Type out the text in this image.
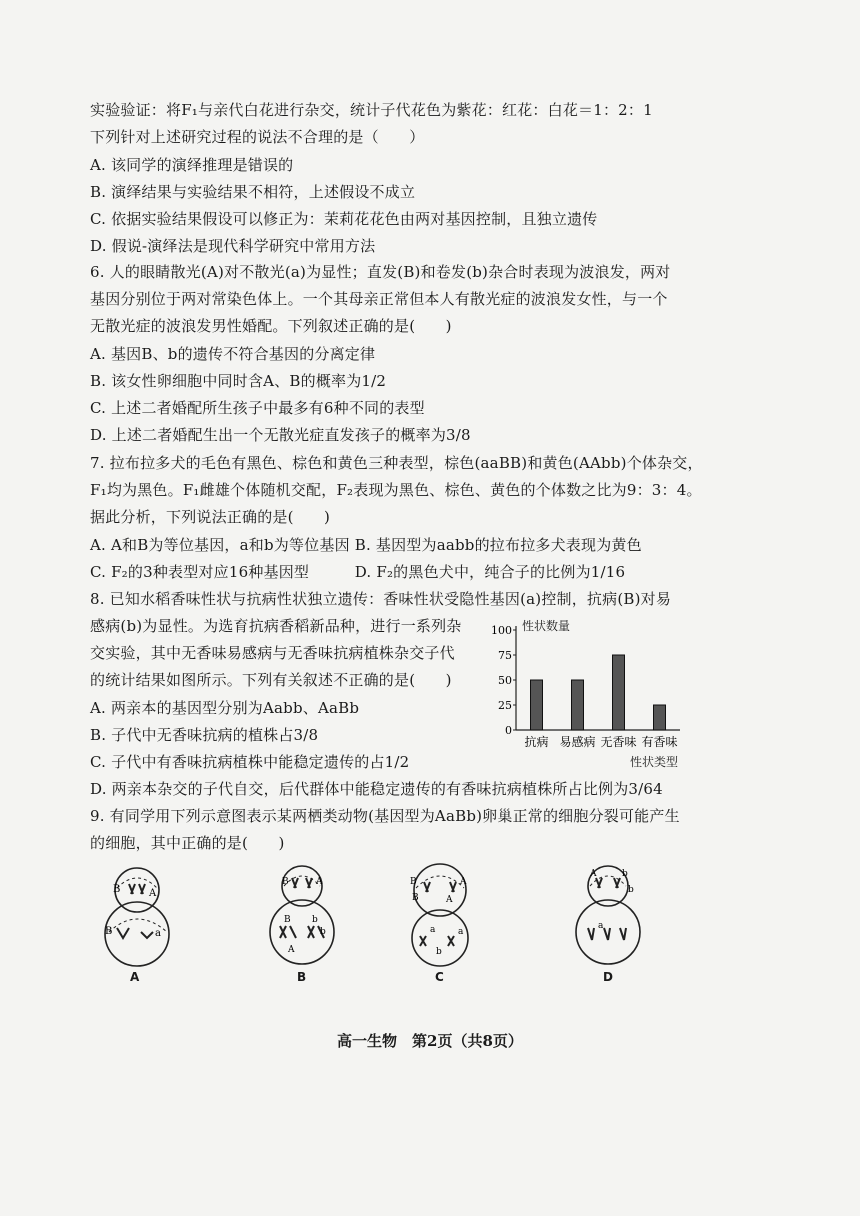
实验验证：将F₁与亲代白花进行杂交，统计子代花色为紫花：红花：白花＝1：2：1
下列针对上述研究过程的说法不合理的是（　　）
A. 该同学的演绎推理是错误的
B. 演绎结果与实验结果不相符，上述假设不成立
C. 依据实验结果假设可以修正为：茉莉花花色由两对基因控制，且独立遗传
D. 假说-演绎法是现代科学研究中常用方法
6. 人的眼睛散光(A)对不散光(a)为显性；直发(B)和卷发(b)杂合时表现为波浪发，两对
基因分别位于两对常染色体上。一个其母亲正常但本人有散光症的波浪发女性，与一个
无散光症的波浪发男性婚配。下列叙述正确的是(　　)
A. 基因B、b的遗传不符合基因的分离定律
B. 该女性卵细胞中同时含A、B的概率为1/2
C. 上述二者婚配所生孩子中最多有6种不同的表型
D. 上述二者婚配生出一个无散光症直发孩子的概率为3/8
7. 拉布拉多犬的毛色有黑色、棕色和黄色三种表型，棕色(aaBB)和黄色(AAbb)个体杂交，
F₁均为黑色。F₁雌雄个体随机交配，F₂表现为黑色、棕色、黄色的个体数之比为9：3：4。
据此分析，下列说法正确的是(　　)
A. A和B为等位基因，a和b为等位基因 B. 基因型为aabb的拉布拉多犬表现为黄色
C. F₂的3种表型对应16种基因型　　　D. F₂的黑色犬中，纯合子的比例为1/16
8. 已知水稻香味性状与抗病性状独立遗传：香味性状受隐性基因(a)控制，抗病(B)对易
感病(b)为显性。为选育抗病香稻新品种，进行一系列杂
交实验，其中无香味易感病与无香味抗病植株杂交子代
的统计结果如图所示。下列有关叙述不正确的是(　　)
A. 两亲本的基因型分别为Aabb、AaBb
B. 子代中无香味抗病的植株占3/8
C. 子代中有香味抗病植株中能稳定遗传的占1/2
D. 两亲本杂交的子代自交，后代群体中能稳定遗传的有香味抗病植株所占比例为3/64
9. 有同学用下列示意图表示某两栖类动物(基因型为AaBb)卵巢正常的细胞分裂可能产生
的细胞，其中正确的是(　　)
性状数量
性状类型
0
25
50
75
100
抗病 易感病 无香味 有香味
B	A
B	a
A
B	A
B
A
b
b
B
B
A
B
A
a
b
a
C
A
a
b
b
D
高一生物　第2页（共8页）
